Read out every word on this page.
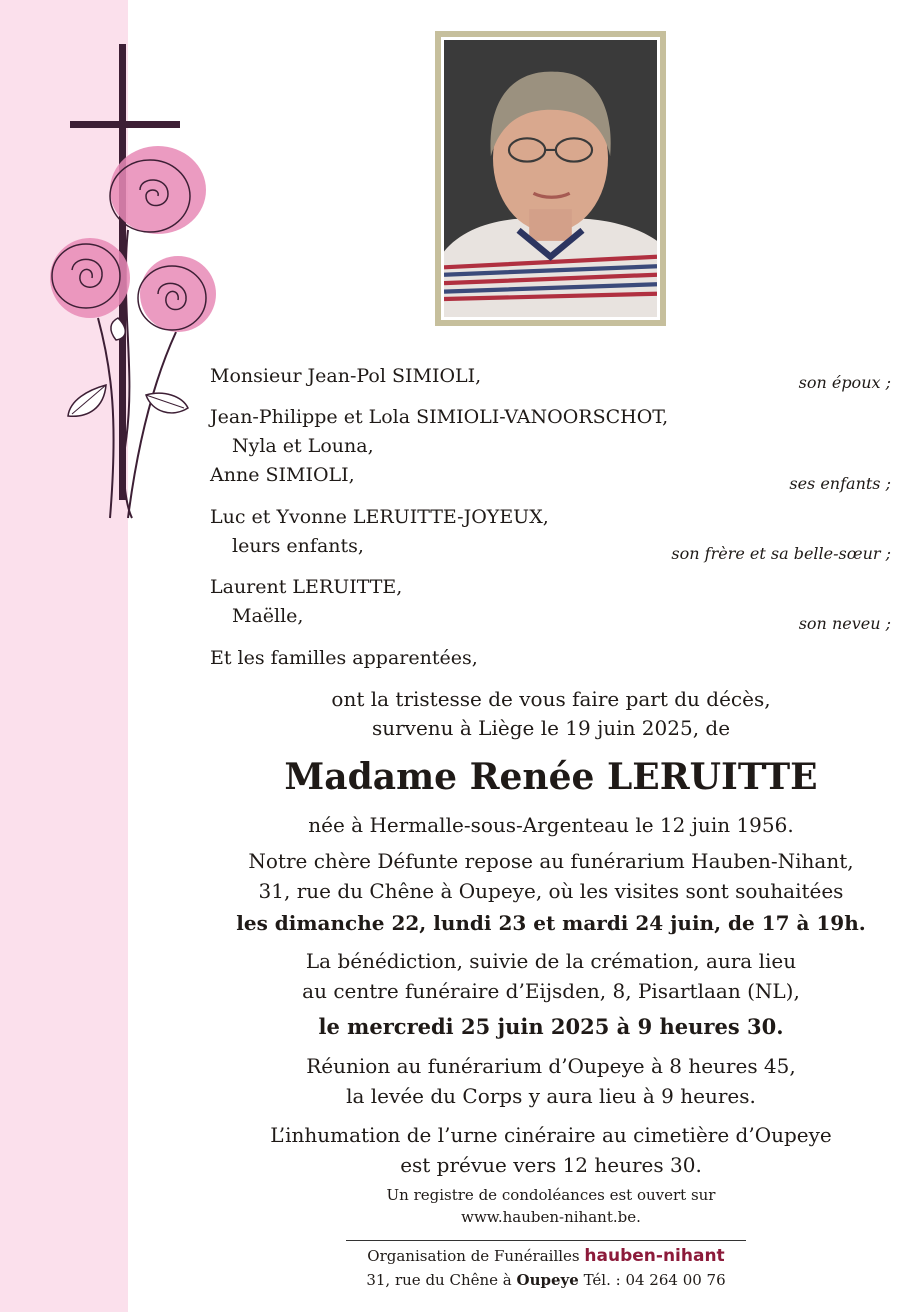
Monsieur Jean-Pol SIMIOLI,	son époux ;
Jean-Philippe et Lola SIMIOLI-VANOORSCHOT,
Nyla et Louna,
Anne SIMIOLI,	ses enfants ;
Luc et Yvonne LERUITTE-JOYEUX,
leurs enfants,	son frère et sa belle-sœur ;
Laurent LERUITTE,
Maëlle,	son neveu ;
Et les familles apparentées,
ont la tristesse de vous faire part du décès,
survenu à Liège le 19 juin 2025, de
Madame Renée LERUITTE
née à Hermalle-sous-Argenteau le 12 juin 1956.
Notre chère Défunte repose au funérarium Hauben-Nihant,
31, rue du Chêne à Oupeye, où les visites sont souhaitées
les dimanche 22, lundi 23 et mardi 24 juin, de 17 à 19h.
La bénédiction, suivie de la crémation, aura lieu
au centre funéraire d’Eijsden, 8, Pisartlaan (NL),
le mercredi 25 juin 2025 à 9 heures 30.
Réunion au funérarium d’Oupeye à 8 heures 45,
la levée du Corps y aura lieu à 9 heures.
L’inhumation de l’urne cinéraire au cimetière d’Oupeye
est prévue vers 12 heures 30.
Un registre de condoléances est ouvert sur
www.hauben-nihant.be.
Organisation de Funérailles hauben-nihant
31, rue du Chêne à Oupeye Tél. : 04 264 00 76
